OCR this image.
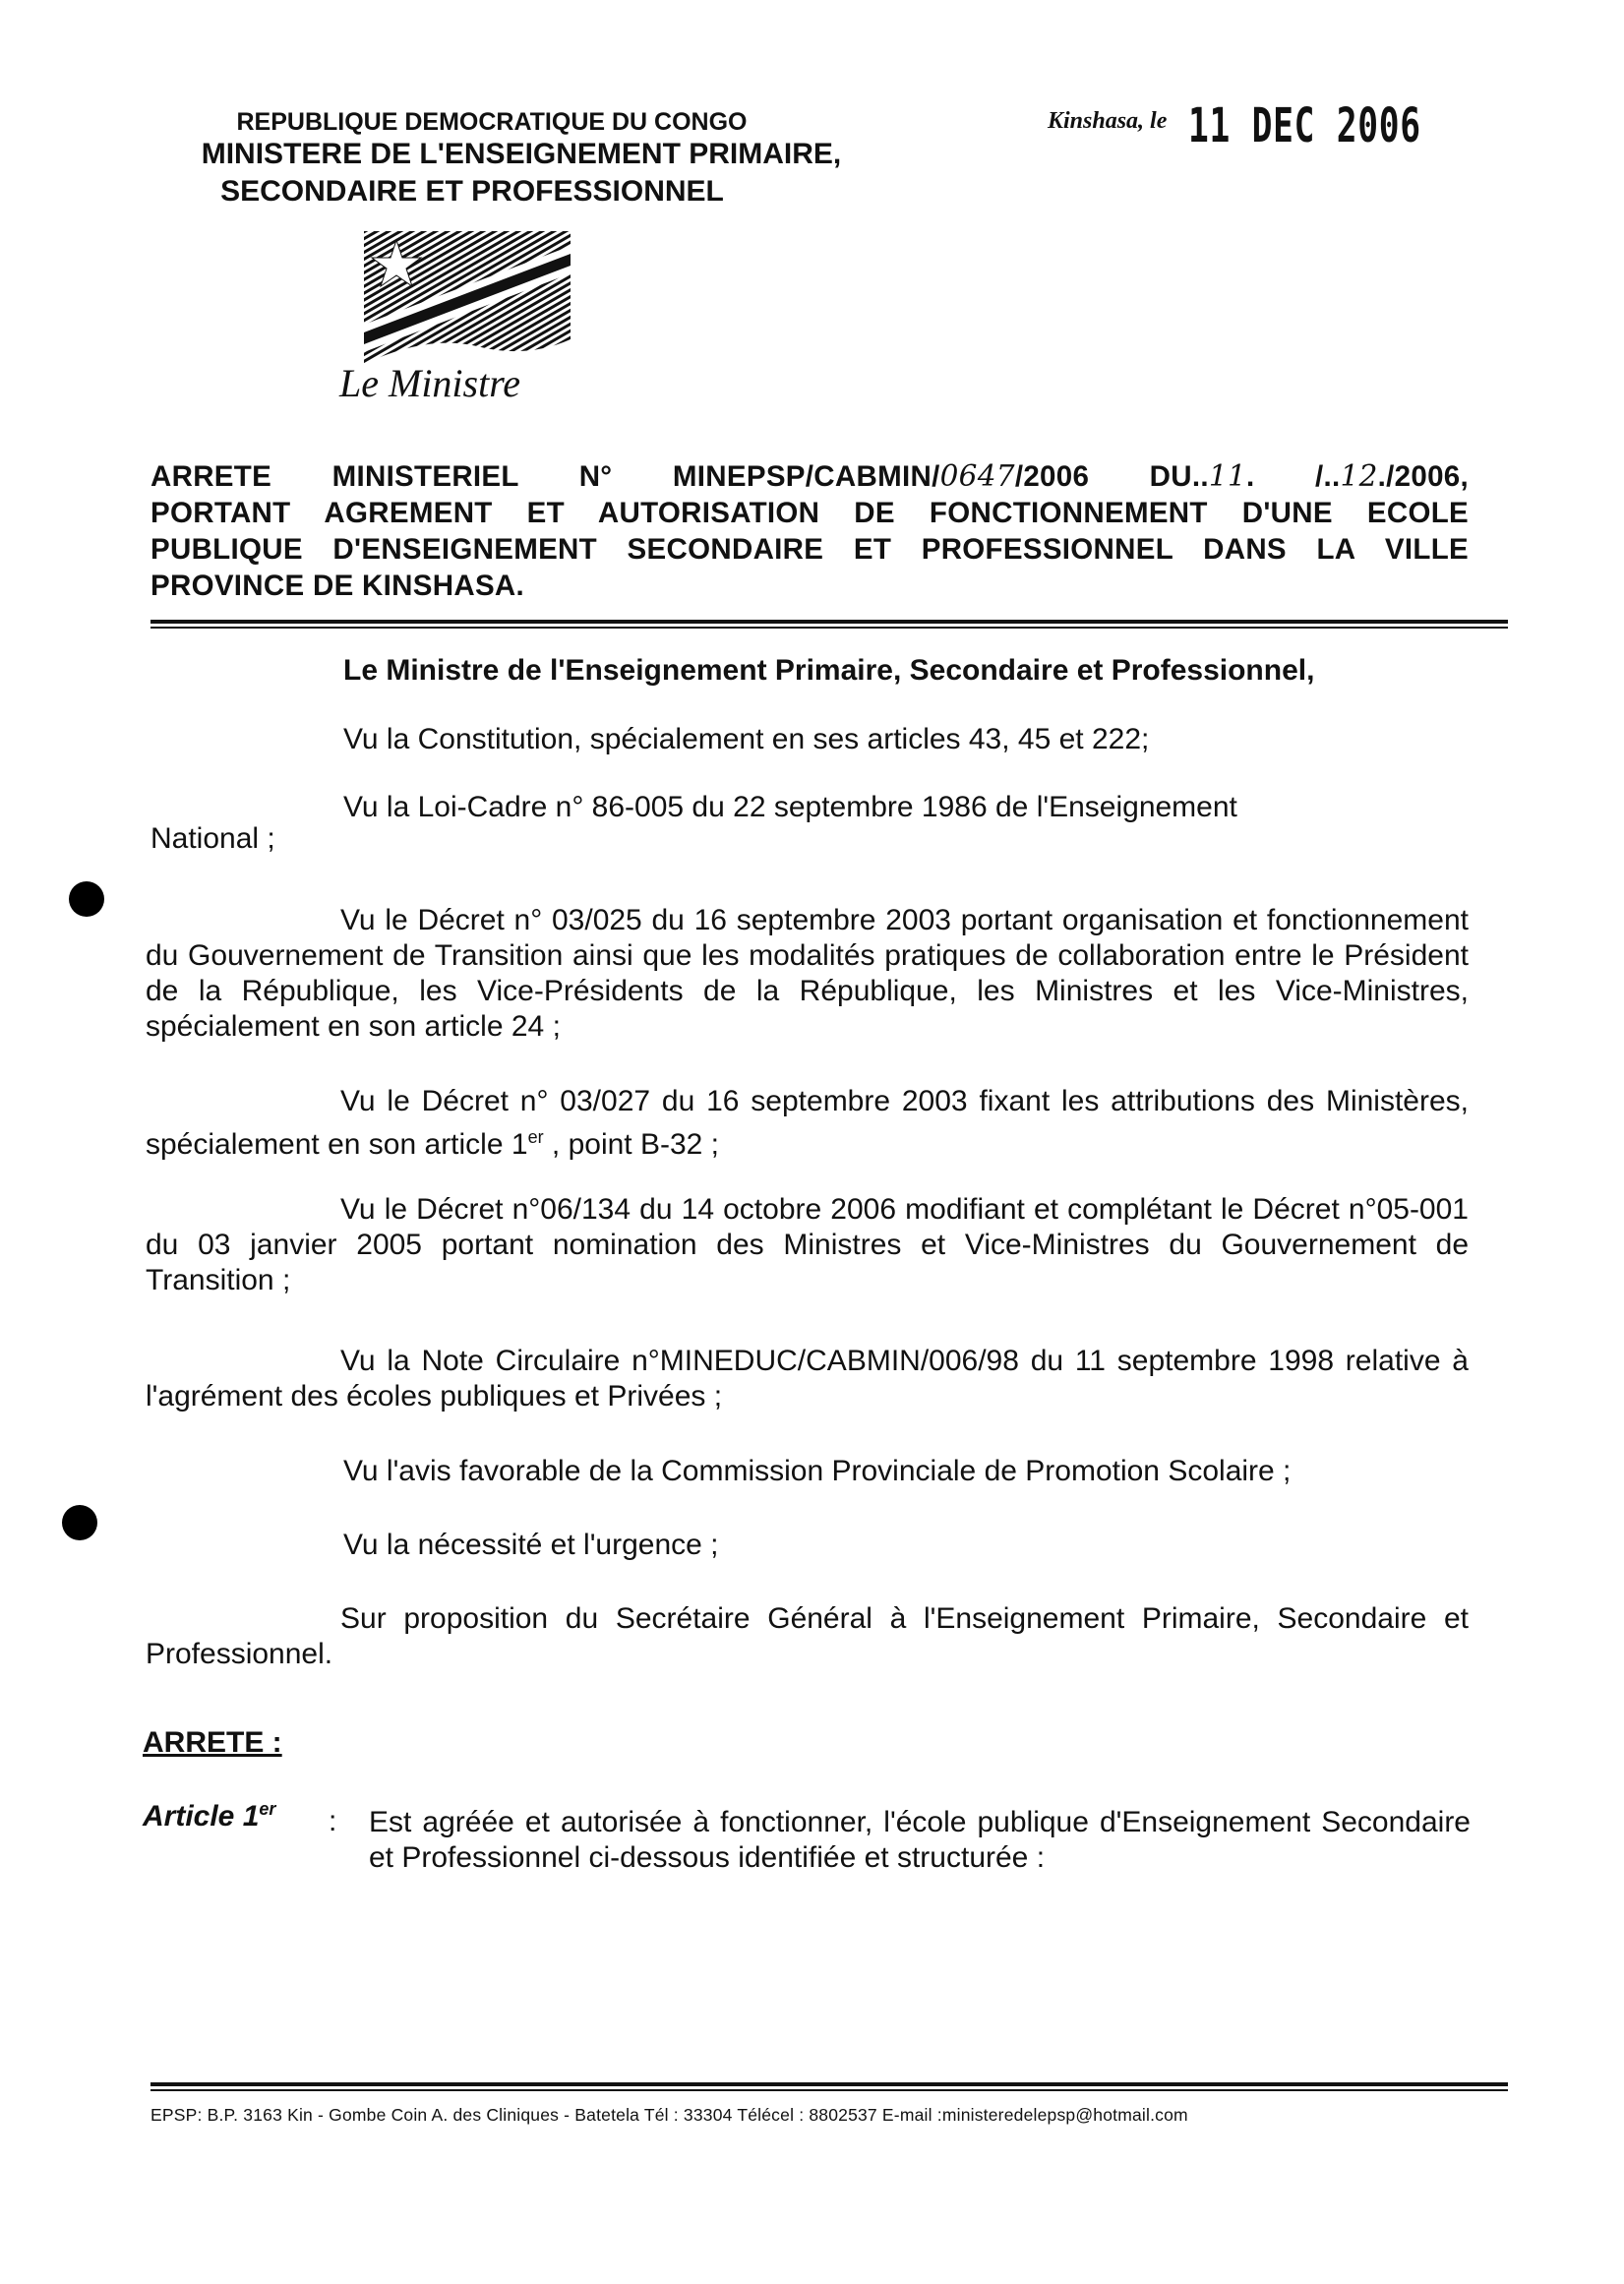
REPUBLIQUE DEMOCRATIQUE DU CONGO
MINISTERE DE L'ENSEIGNEMENT PRIMAIRE,
SECONDAIRE ET PROFESSIONNEL
Kinshasa, le 11 DEC 2006
Le Ministre
ARRETE MINISTERIEL N° MINEPSP/CABMIN/0647/2006 DU..11. /..12./2006,
PORTANT AGREMENT ET AUTORISATION DE FONCTIONNEMENT D'UNE ECOLE
PUBLIQUE D'ENSEIGNEMENT SECONDAIRE ET PROFESSIONNEL DANS LA VILLE
PROVINCE DE KINSHASA.
Le Ministre de l'Enseignement Primaire, Secondaire et Professionnel,
Vu la Constitution, spécialement en ses articles 43, 45 et 222;
Vu la Loi-Cadre n° 86-005 du 22 septembre 1986 de l'Enseignement
National ;
Vu le Décret n° 03/025 du 16 septembre 2003 portant organisation et fonctionnement du Gouvernement de Transition ainsi que les modalités pratiques de collaboration entre le Président de la République, les Vice-Présidents de la République, les Ministres et les Vice-Ministres, spécialement en son article 24 ;
Vu le Décret n° 03/027 du 16 septembre 2003 fixant les attributions des Ministères, spécialement en son article 1er , point B-32 ;
Vu le Décret n°06/134 du 14 octobre 2006 modifiant et complétant le Décret n°05-001 du 03 janvier 2005 portant nomination des Ministres et Vice-Ministres du Gouvernement de Transition ;
Vu la Note Circulaire n°MINEDUC/CABMIN/006/98 du 11 septembre 1998 relative à l'agrément des écoles publiques et Privées ;
Vu l'avis favorable de la Commission Provinciale de Promotion Scolaire ;
Vu la nécessité et l'urgence ;
Sur proposition du Secrétaire Général à l'Enseignement Primaire, Secondaire et Professionnel.
ARRETE :
Article 1er : Est agréée et autorisée à fonctionner, l'école publique d'Enseignement Secondaire et Professionnel ci-dessous identifiée et structurée :
EPSP: B.P. 3163 Kin - Gombe Coin A. des Cliniques - Batetela Tél : 33304 Télécel : 8802537 E-mail :ministeredelepsp@hotmail.com
